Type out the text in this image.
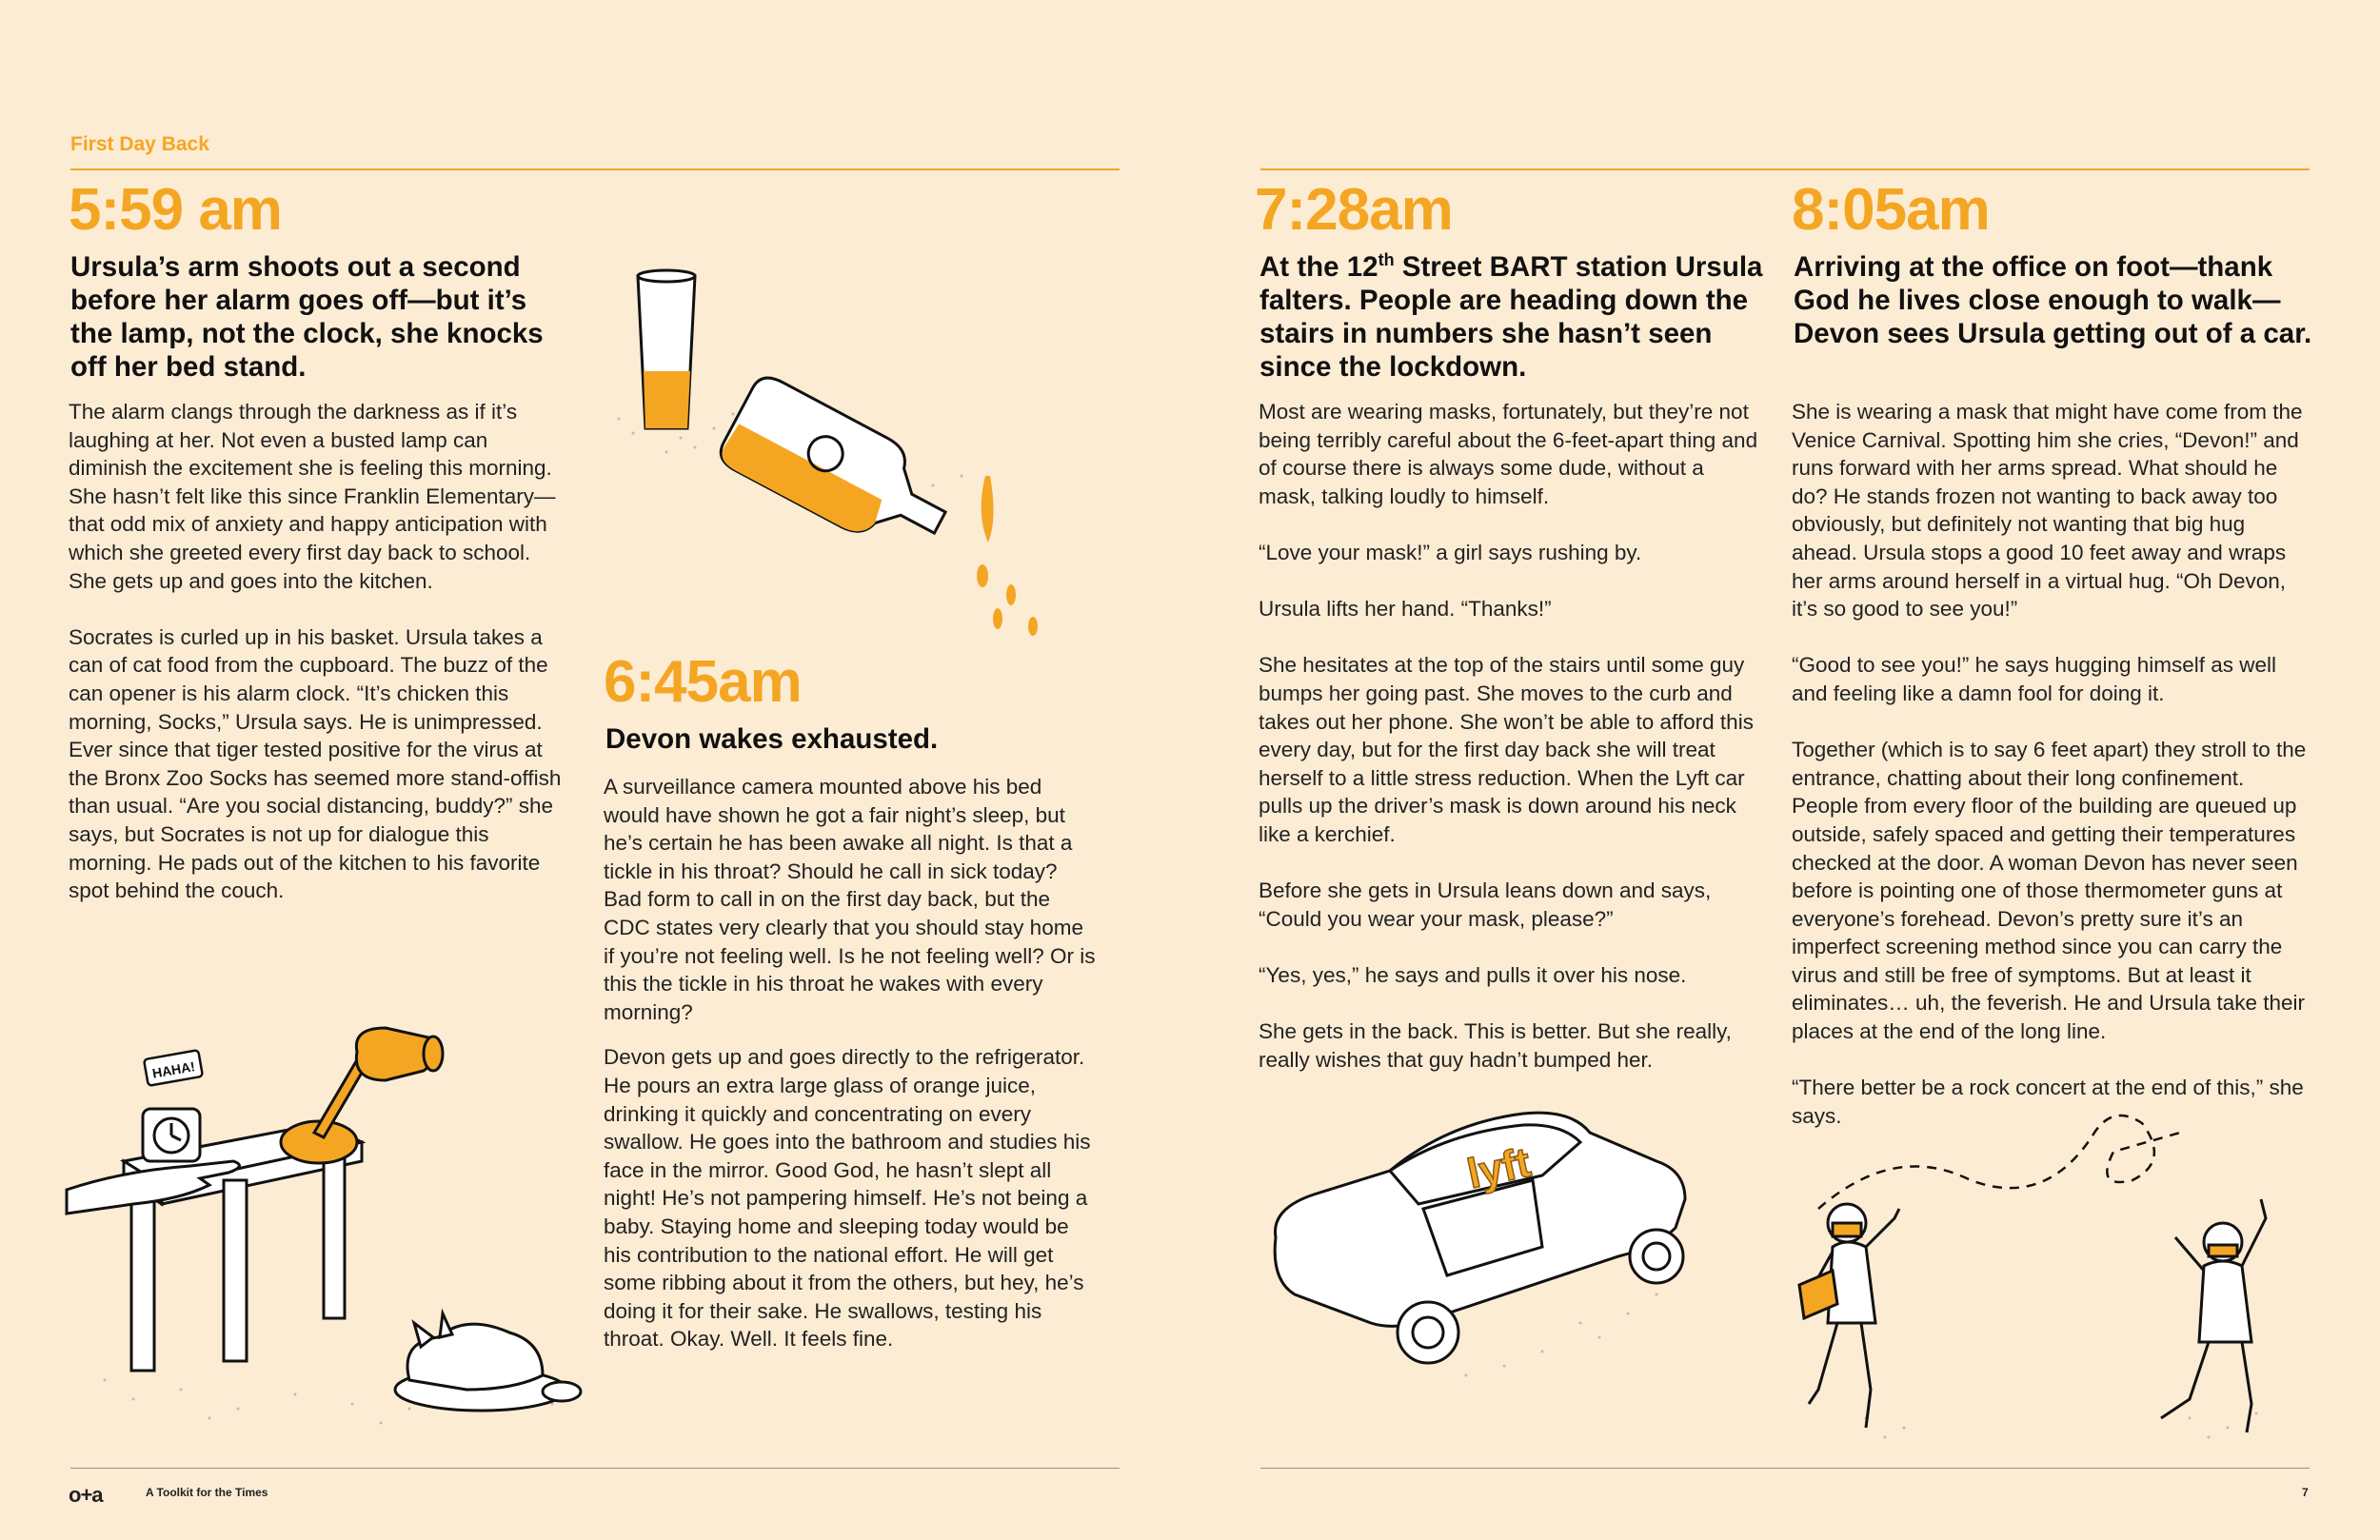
First Day Back
5:59 am
Ursula’s arm shoots out a second before her alarm goes off—but it’s the lamp, not the clock, she knocks off her bed stand.

The alarm clangs through the darkness as if it’s laughing at her. Not even a busted lamp can diminish the excitement she is feeling this morning. She hasn’t felt like this since Franklin Elementary—that odd mix of anxiety and happy anticipation with which she greeted every first day back to school. She gets up and goes into the kitchen.

Socrates is curled up in his basket. Ursula takes a can of cat food from the cupboard. The buzz of the can opener is his alarm clock. “It’s chicken this morning, Socks,” Ursula says. He is unimpressed. Ever since that tiger tested positive for the virus at the Bronx Zoo Socks has seemed more stand-offish than usual. “Are you social distancing, buddy?” she says, but Socrates is not up for dialogue this morning. He pads out of the kitchen to his favorite spot behind the couch.

6:45am
Devon wakes exhausted.

A surveillance camera mounted above his bed would have shown he got a fair night’s sleep, but he’s certain he has been awake all night. Is that a tickle in his throat? Should he call in sick today? Bad form to call in on the first day back, but the CDC states very clearly that you should stay home if you’re not feeling well. Is he not feeling well? Or is this the tickle in his throat he wakes with every morning?

Devon gets up and goes directly to the refrigerator. He pours an extra large glass of orange juice, drinking it quickly and concentrating on every swallow. He goes into the bathroom and studies his face in the mirror. Good God, he hasn’t slept all night! He’s not pampering himself. He’s not being a baby. Staying home and sleeping today would be his contribution to the national effort. He will get some ribbing about it from the others, but hey, he’s doing it for their sake. He swallows, testing his throat. Okay. Well. It feels fine.

7:28am
At the 12th Street BART station Ursula falters. People are heading down the stairs in numbers she hasn’t seen since the lockdown.

Most are wearing masks, fortunately, but they’re not being terribly careful about the 6-feet-apart thing and of course there is always some dude, without a mask, talking loudly to himself.

“Love your mask!” a girl says rushing by.

Ursula lifts her hand. “Thanks!”

She hesitates at the top of the stairs until some guy bumps her going past. She moves to the curb and takes out her phone. She won’t be able to afford this every day, but for the first day back she will treat herself to a little stress reduction. When the Lyft car pulls up the driver’s mask is down around his neck like a kerchief.

Before she gets in Ursula leans down and says, “Could you wear your mask, please?”

“Yes, yes,” he says and pulls it over his nose.

She gets in the back. This is better. But she really, really wishes that guy hadn’t bumped her.

8:05am
Arriving at the office on foot—thank God he lives close enough to walk—Devon sees Ursula getting out of a car.

She is wearing a mask that might have come from the Venice Carnival. Spotting him she cries, “Devon!” and runs forward with her arms spread. What should he do? He stands frozen not wanting to back away too obviously, but definitely not wanting that big hug ahead. Ursula stops a good 10 feet away and wraps her arms around herself in a virtual hug. “Oh Devon, it’s so good to see you!”

“Good to see you!” he says hugging himself as well and feeling like a damn fool for doing it.

Together (which is to say 6 feet apart) they stroll to the entrance, chatting about their long confinement. People from every floor of the building are queued up outside, safely spaced and getting their temperatures checked at the door. A woman Devon has never seen before is pointing one of those thermometer guns at everyone’s forehead. Devon’s pretty sure it’s an imperfect screening method since you can carry the virus and still be free of symptoms. But at least it eliminates… uh, the feverish. He and Ursula take their places at the end of the long line.

“There better be a rock concert at the end of this,” she says.

HAHA!
lyft
o+a	A Toolkit for the Times	7
